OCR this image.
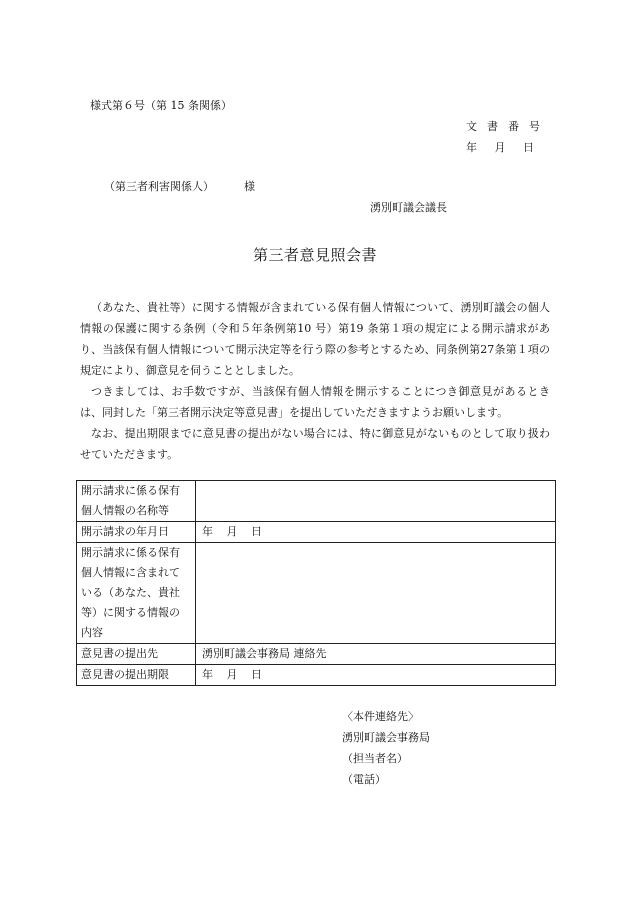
様式第６号（第 15 条関係）
文書番号
年 月 日
（第三者利害関係人）	様
湧別町議会議長
第三者意見照会書

（あなた、貴社等）に関する情報が含まれている保有個人情報について、湧別町議会の個人情報の保護に関する条例（令和５年条例第10 号）第19 条第１項の規定による開示請求があり、当該保有個人情報について開示決定等を行う際の参考とするため、同条例第27条第１項の規定により、御意見を伺うこととしました。

つきましては、お手数ですが、当該保有個人情報を開示することにつき御意見があるときは、同封した「第三者開示決定等意見書」を提出していただきますようお願いします。

なお、提出期限までに意見書の提出がない場合には、特に御意見がないものとして取り扱わせていただきます。

開示請求に係る保有
個人情報の名称等	

開示請求の年月日	年 月 日

開示請求に係る保有
個人情報に含まれて
いる（あなた、貴社
等）に関する情報の
内容	

意見書の提出先	湧別町議会事務局 連絡先
意見書の提出期限	年 月 日
〈本件連絡先〉
湧別町議会事務局
（担当者名）
（電話）
